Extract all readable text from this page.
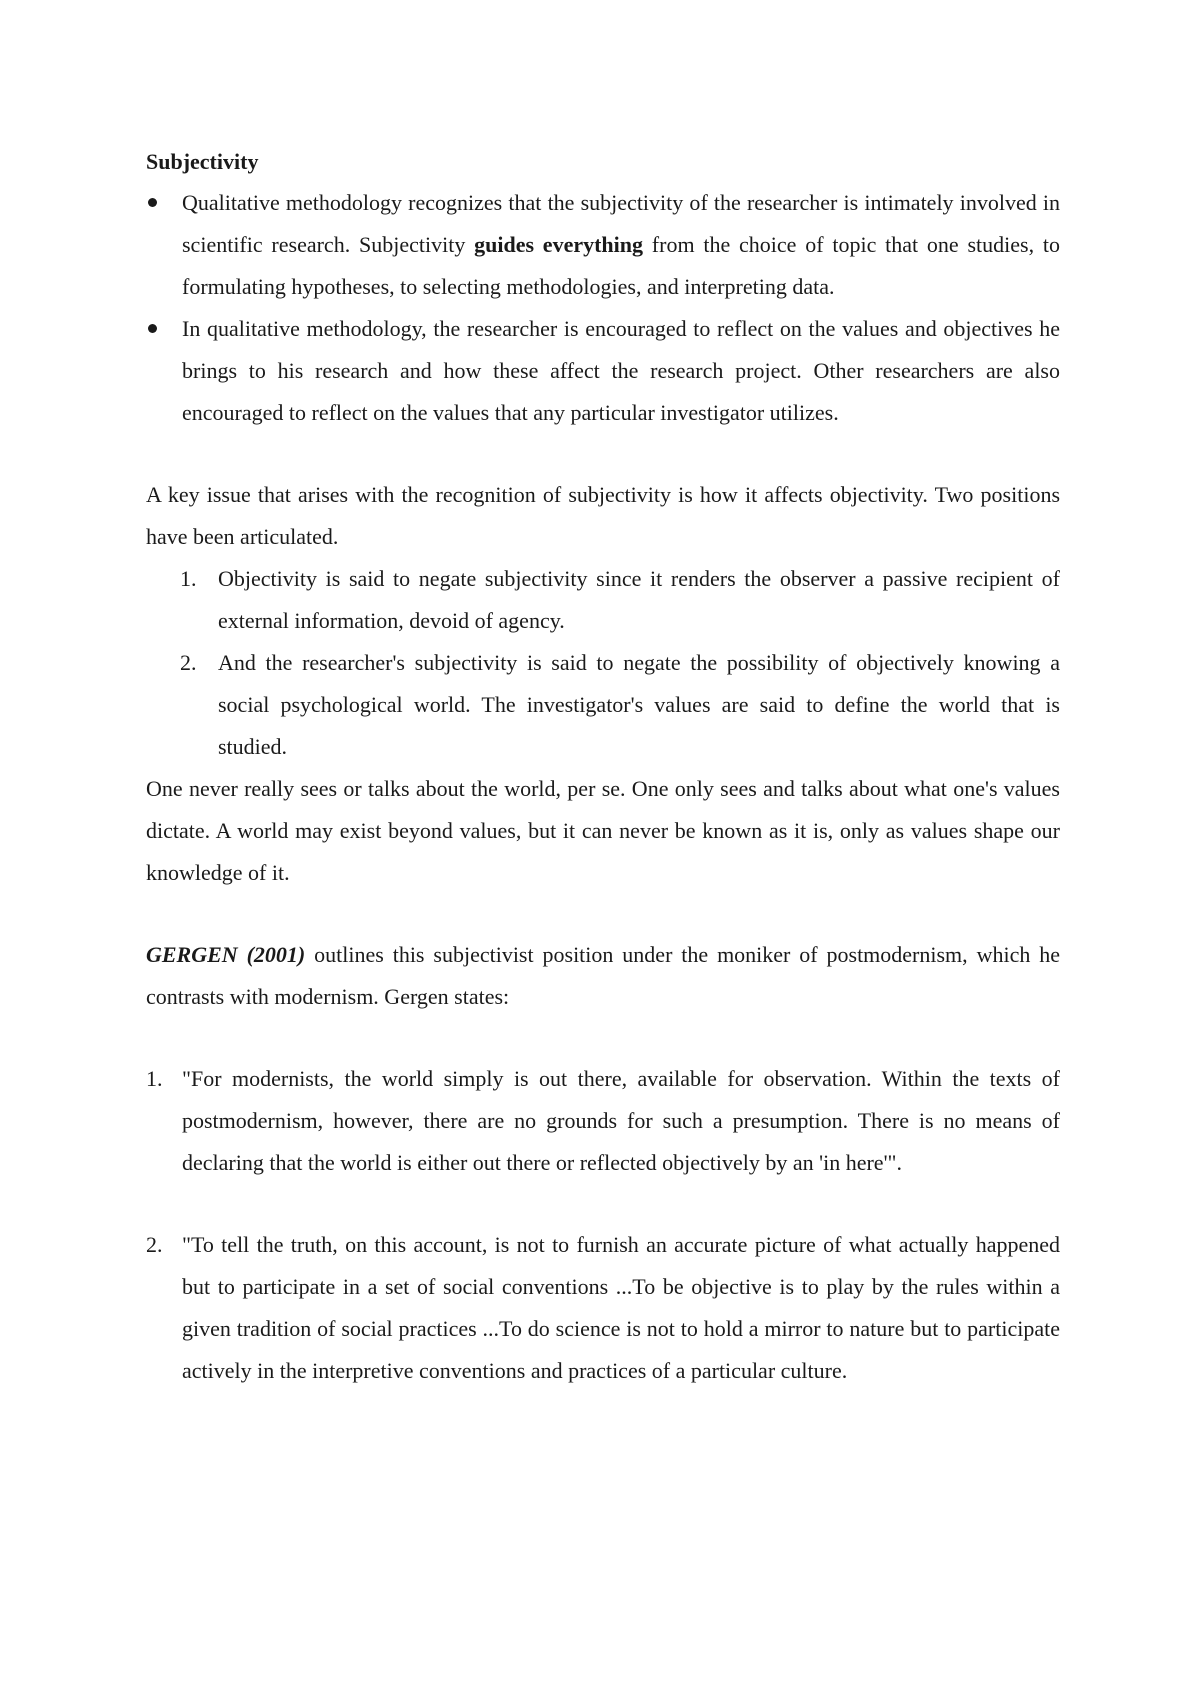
Subjectivity
Qualitative methodology recognizes that the subjectivity of the researcher is intimately involved in scientific research. Subjectivity guides everything from the choice of topic that one studies, to formulating hypotheses, to selecting methodologies, and interpreting data.
In qualitative methodology, the researcher is encouraged to reflect on the values and objectives he brings to his research and how these affect the research project. Other researchers are also encouraged to reflect on the values that any particular investigator utilizes.

A key issue that arises with the recognition of subjectivity is how it affects objectivity. Two positions have been articulated.

1. Objectivity is said to negate subjectivity since it renders the observer a passive recipient of external information, devoid of agency.
2. And the researcher's subjectivity is said to negate the possibility of objectively knowing a social psychological world. The investigator's values are said to define the world that is studied.

One never really sees or talks about the world, per se. One only sees and talks about what one's values dictate. A world may exist beyond values, but it can never be known as it is, only as values shape our knowledge of it.

GERGEN (2001) outlines this subjectivist position under the moniker of postmodernism, which he contrasts with modernism. Gergen states:

1. "For modernists, the world simply is out there, available for observation. Within the texts of postmodernism, however, there are no grounds for such a presumption. There is no means of declaring that the world is either out there or reflected objectively by an 'in here'".
2. "To tell the truth, on this account, is not to furnish an accurate picture of what actually happened but to participate in a set of social conventions ...To be objective is to play by the rules within a given tradition of social practices ...To do science is not to hold a mirror to nature but to participate actively in the interpretive conventions and practices of a particular culture.
